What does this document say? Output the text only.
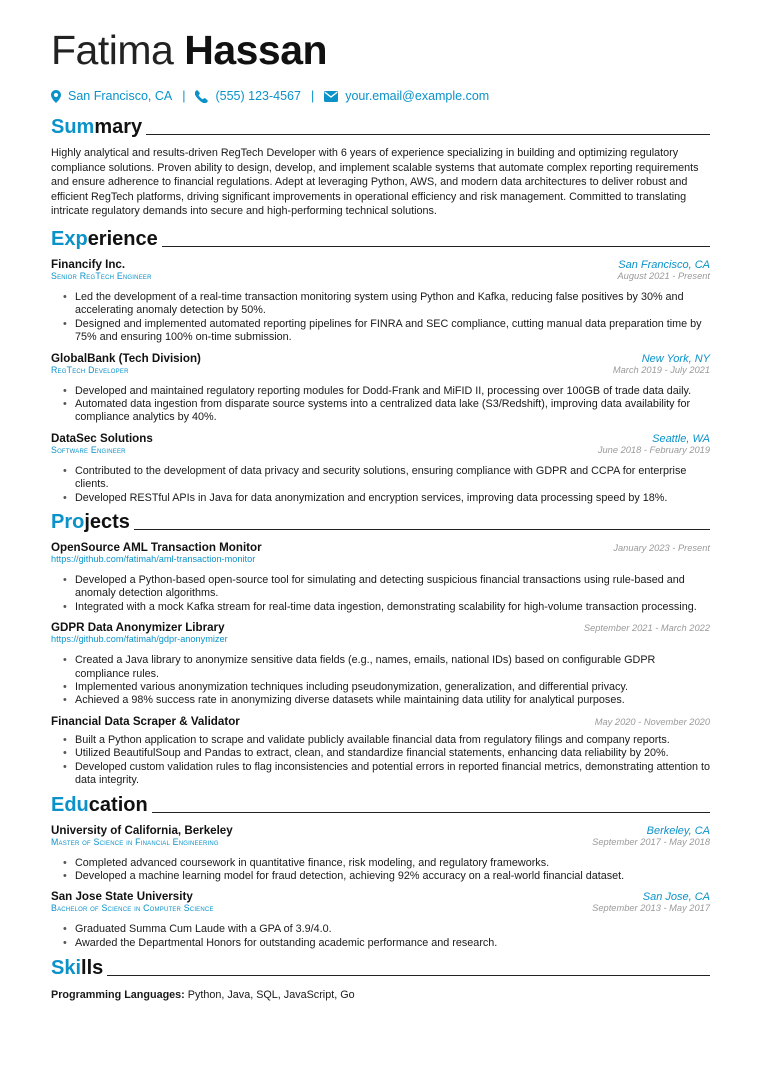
Fatima Hassan
San Francisco, CA | (555) 123-4567 | your.email@example.com
Summary
Highly analytical and results-driven RegTech Developer with 6 years of experience specializing in building and optimizing regulatory compliance solutions. Proven ability to design, develop, and implement scalable systems that automate complex reporting requirements and ensure adherence to financial regulations. Adept at leveraging Python, AWS, and modern data architectures to deliver robust and efficient RegTech platforms, driving significant improvements in operational efficiency and risk management. Committed to translating intricate regulatory demands into secure and high-performing technical solutions.
Experience
Financify Inc.	San Francisco, CA
Senior RegTech Engineer	August 2021 - Present
• Led the development of a real-time transaction monitoring system using Python and Kafka, reducing false positives by 30% and accelerating anomaly detection by 50%.
• Designed and implemented automated reporting pipelines for FINRA and SEC compliance, cutting manual data preparation time by 75% and ensuring 100% on-time submission.
GlobalBank (Tech Division)	New York, NY
RegTech Developer	March 2019 - July 2021
• Developed and maintained regulatory reporting modules for Dodd-Frank and MiFID II, processing over 100GB of trade data daily.
• Automated data ingestion from disparate source systems into a centralized data lake (S3/Redshift), improving data availability for compliance analytics by 40%.
DataSec Solutions	Seattle, WA
Software Engineer	June 2018 - February 2019
• Contributed to the development of data privacy and security solutions, ensuring compliance with GDPR and CCPA for enterprise clients.
• Developed RESTful APIs in Java for data anonymization and encryption services, improving data processing speed by 18%.
Projects
OpenSource AML Transaction Monitor	January 2023 - Present
https://github.com/fatimah/aml-transaction-monitor
• Developed a Python-based open-source tool for simulating and detecting suspicious financial transactions using rule-based and anomaly detection algorithms.
• Integrated with a mock Kafka stream for real-time data ingestion, demonstrating scalability for high-volume transaction processing.
GDPR Data Anonymizer Library	September 2021 - March 2022
https://github.com/fatimah/gdpr-anonymizer
• Created a Java library to anonymize sensitive data fields (e.g., names, emails, national IDs) based on configurable GDPR compliance rules.
• Implemented various anonymization techniques including pseudonymization, generalization, and differential privacy.
• Achieved a 98% success rate in anonymizing diverse datasets while maintaining data utility for analytical purposes.
Financial Data Scraper & Validator	May 2020 - November 2020
• Built a Python application to scrape and validate publicly available financial data from regulatory filings and company reports.
• Utilized BeautifulSoup and Pandas to extract, clean, and standardize financial statements, enhancing data reliability by 20%.
• Developed custom validation rules to flag inconsistencies and potential errors in reported financial metrics, demonstrating attention to data integrity.
Education
University of California, Berkeley	Berkeley, CA
Master of Science in Financial Engineering	September 2017 - May 2018
• Completed advanced coursework in quantitative finance, risk modeling, and regulatory frameworks.
• Developed a machine learning model for fraud detection, achieving 92% accuracy on a real-world financial dataset.
San Jose State University	San Jose, CA
Bachelor of Science in Computer Science	September 2013 - May 2017
• Graduated Summa Cum Laude with a GPA of 3.9/4.0.
• Awarded the Departmental Honors for outstanding academic performance and research.
Skills
Programming Languages: Python, Java, SQL, JavaScript, Go
